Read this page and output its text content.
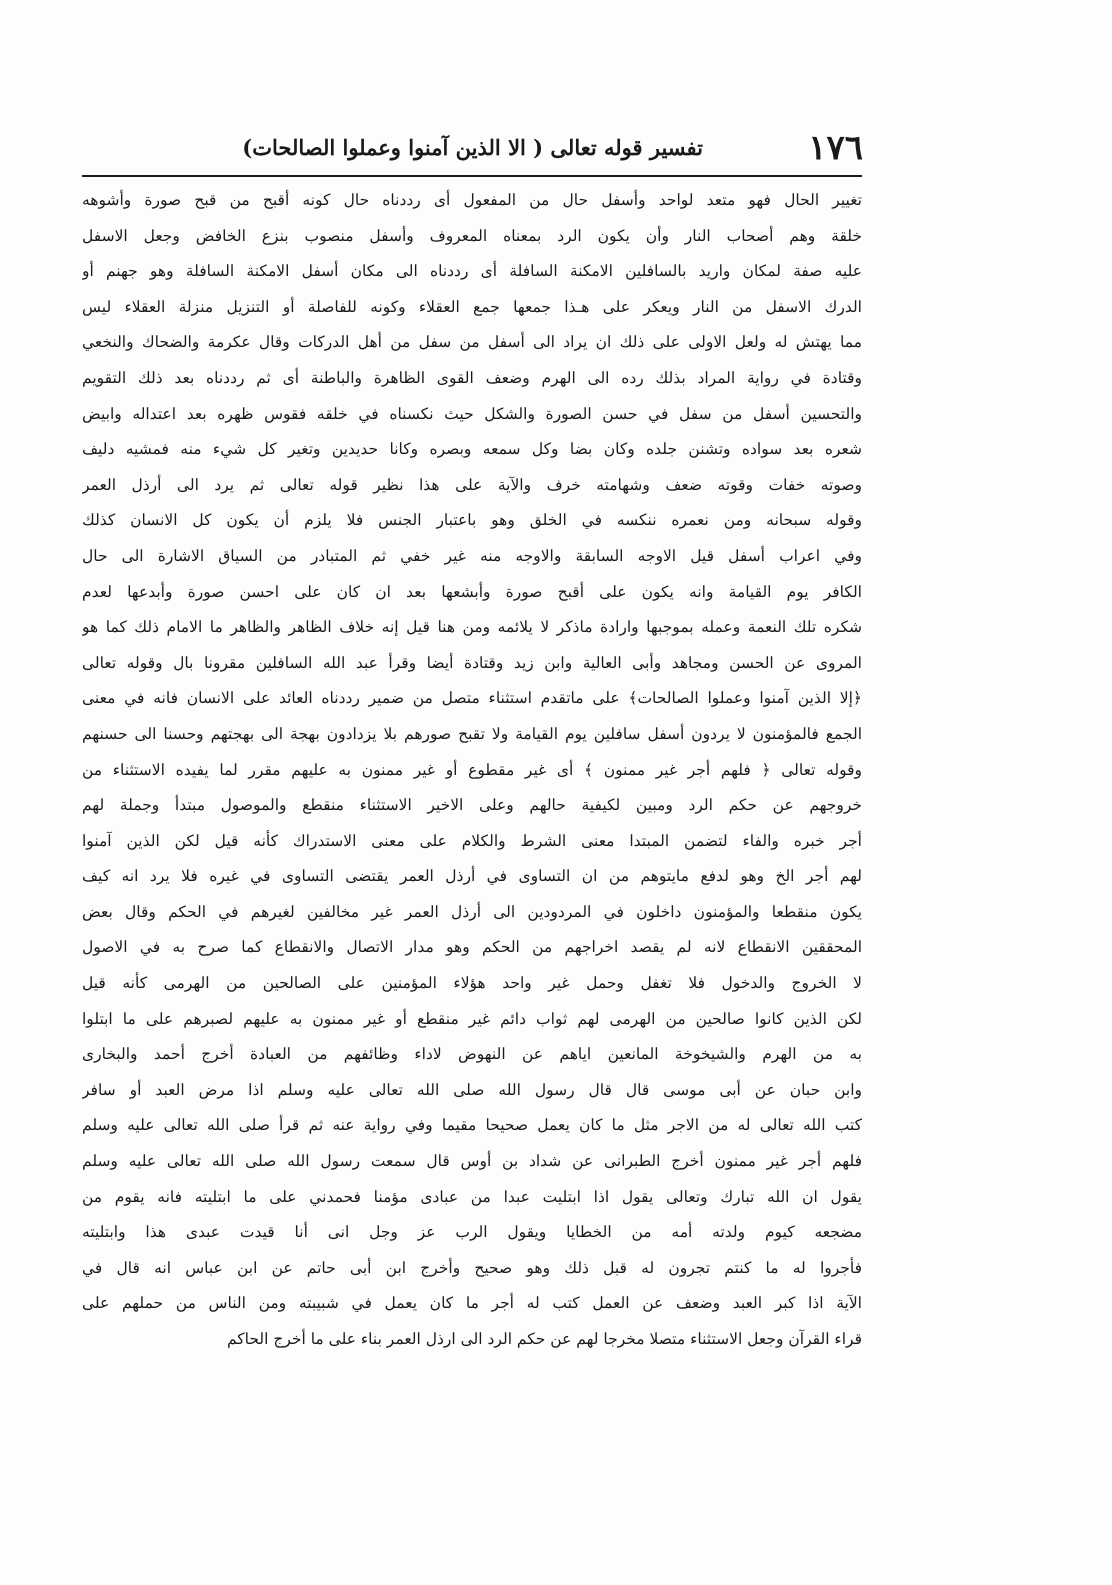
١٧٦
تفسير قوله تعالى ( الا الذين آمنوا وعملوا الصالحات)
تغيير الحال فهو متعد لواحد وأسفل حال من المفعول أى رددناه حال كونه أقبح من قبح صورة وأشوهه
خلقة وهم أصحاب النار وأن يكون الرد بمعناه المعروف وأسفل منصوب بنزع الخافض وجعل الاسفل
عليه صفة لمكان واريد بالسافلين الامكنة السافلة أى رددناه الى مكان أسفل الامكنة السافلة وهو جهنم أو
الدرك الاسفل من النار ويعكر على هـذا جمعها جمع العقلاء وكونه للفاصلة أو التنزيل منزلة العقلاء ليس
مما يهتش له ولعل الاولى على ذلك ان يراد الى أسفل من سفل من أهل الدركات وقال عكرمة والضحاك والنخعي
وقتادة في رواية المراد بذلك رده الى الهرم وضعف القوى الظاهرة والباطنة أى ثم رددناه بعد ذلك التقويم
والتحسين أسفل من سفل في حسن الصورة والشكل حيث نكسناه في خلقه فقوس ظهره بعد اعتداله وابيض
شعره بعد سواده وتشنن جلده وكان بضا وكل سمعه وبصره وكانا حديدين وتغير كل شيء منه فمشيه دليف
وصوته خفات وقوته ضعف وشهامته خرف والآية على هذا نظير قوله تعالى ثم يرد الى أرذل العمر
وقوله سبحانه ومن نعمره ننكسه في الخلق وهو باعتبار الجنس فلا يلزم أن يكون كل الانسان كذلك
وفي اعراب أسفل قيل الاوجه السابقة والاوجه منه غير خفي ثم المتبادر من السياق الاشارة الى حال
الكافر يوم القيامة وانه يكون على أقبح صورة وأبشعها بعد ان كان على احسن صورة وأبدعها لعدم
شكره تلك النعمة وعمله بموجبها وارادة ماذكر لا يلائمه ومن هنا قيل إنه خلاف الظاهر والظاهر ما الامام ذلك كما هو
المروى عن الحسن ومجاهد وأبى العالية وابن زيد وقتادة أيضا وقرأ عبد الله السافلين مقرونا بال وقوله تعالى
﴿إلا الذين آمنوا وعملوا الصالحات﴾ على ماتقدم استثناء متصل من ضمير رددناه العائد على الانسان فانه في معنى
الجمع فالمؤمنون لا يردون أسفل سافلين يوم القيامة ولا تقبح صورهم بلا يزدادون بهجة الى بهجتهم وحسنا الى حسنهم
وقوله تعالى ﴿ فلهم أجر غير ممنون ﴾ أى غير مقطوع أو غير ممنون به عليهم مقرر لما يفيده الاستثناء من
خروجهم عن حكم الرد ومبين لكيفية حالهم وعلى الاخير الاستثناء منقطع والموصول مبتدأ وجملة لهم
أجر خبره والفاء لتضمن المبتدا معنى الشرط والكلام على معنى الاستدراك كأنه قيل لكن الذين آمنوا
لهم أجر الخ وهو لدفع مايتوهم من ان التساوى في أرذل العمر يقتضى التساوى في غيره فلا يرد انه كيف
يكون منقطعا والمؤمنون داخلون في المردودين الى أرذل العمر غير مخالفين لغيرهم في الحكم وقال بعض
المحققين الانقطاع لانه لم يقصد اخراجهم من الحكم وهو مدار الاتصال والانقطاع كما صرح به في الاصول
لا الخروج والدخول فلا تغفل وحمل غير واحد هؤلاء المؤمنين على الصالحين من الهرمى كأنه قيل
لكن الذين كانوا صالحين من الهرمى لهم ثواب دائم غير منقطع أو غير ممنون به عليهم لصبرهم على ما ابتلوا
به من الهرم والشيخوخة المانعين اياهم عن النهوض لاداء وظائفهم من العبادة أخرج أحمد والبخارى
وابن حبان عن أبى موسى قال قال رسول الله صلى الله تعالى عليه وسلم اذا مرض العبد أو سافر
كتب الله تعالى له من الاجر مثل ما كان يعمل صحيحا مقيما وفي رواية عنه ثم قرأ صلى الله تعالى عليه وسلم
فلهم أجر غير ممنون أخرج الطبرانى عن شداد بن أوس قال سمعت رسول الله صلى الله تعالى عليه وسلم
يقول ان الله تبارك وتعالى يقول اذا ابتليت عبدا من عبادى مؤمنا فحمدني على ما ابتليته فانه يقوم من
مضجعه كيوم ولدته أمه من الخطايا ويقول الرب عز وجل انى أنا قيدت عبدى هذا وابتليته
فأجروا له ما كنتم تجرون له قبل ذلك وهو صحيح وأخرج ابن أبى حاتم عن ابن عباس انه قال في
الآية اذا كبر العبد وضعف عن العمل كتب له أجر ما كان يعمل في شبيبته ومن الناس من حملهم على
قراء القرآن وجعل الاستثناء متصلا مخرجا لهم عن حكم الرد الى ارذل العمر بناء على ما أخرج الحاكم
